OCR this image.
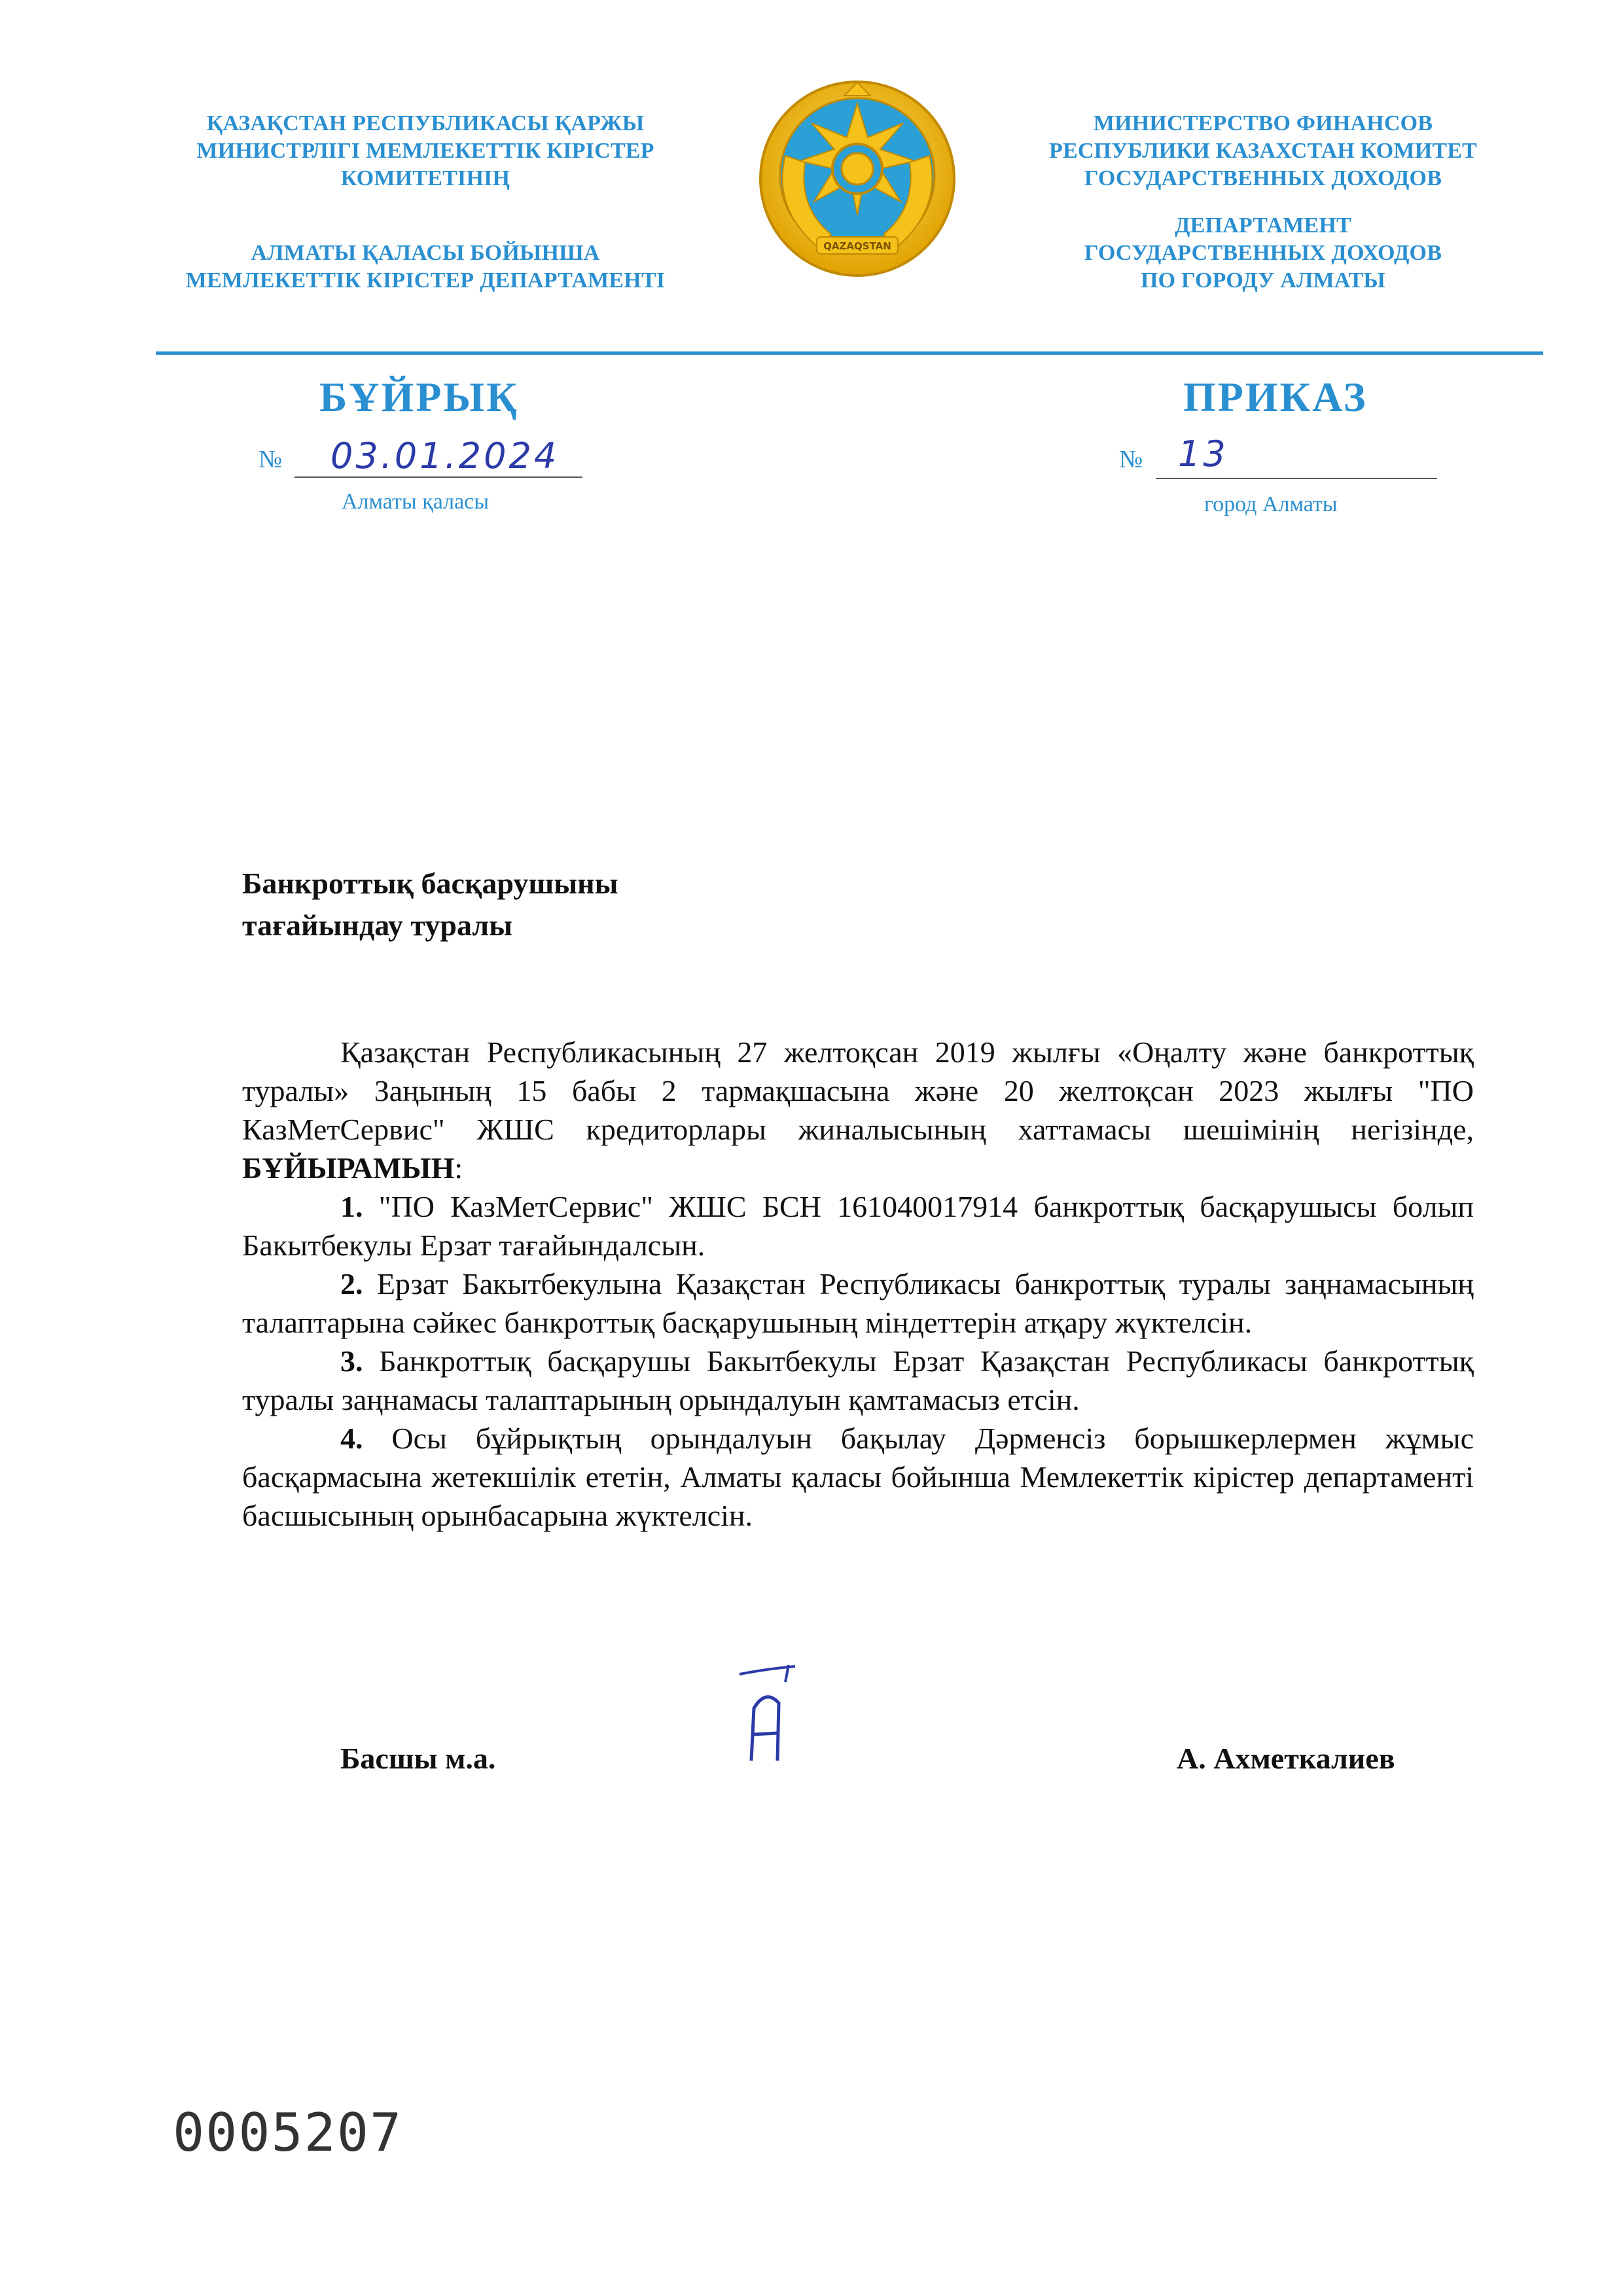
ҚАЗАҚСТАН РЕСПУБЛИКАСЫ ҚАРЖЫ
МИНИСТРЛІГІ МЕМЛЕКЕТТІК КІРІСТЕР
КОМИТЕТІНІҢ
АЛМАТЫ ҚАЛАСЫ БОЙЫНША
МЕМЛЕКЕТТІК КІРІСТЕР ДЕПАРТАМЕНТІ
QAZAQSTAN
МИНИСТЕРСТВО ФИНАНСОВ
РЕСПУБЛИКИ КАЗАХСТАН КОМИТЕТ
ГОСУДАРСТВЕННЫХ ДОХОДОВ
ДЕПАРТАМЕНТ
ГОСУДАРСТВЕННЫХ ДОХОДОВ
ПО ГОРОДУ АЛМАТЫ
БҰЙРЫҚ	ПРИКАЗ
№ 03.01.2024	№ 13
Алматы қаласы	город Алматы
Банкроттық басқарушыны
тағайындау туралы

Қазақстан Республикасының 27 желтоқсан 2019 жылғы «Оңалту және банкроттық туралы» Заңының 15 бабы 2 тармақшасына және 20 желтоқсан 2023 жылғы "ПО КазМетСервис" ЖШС кредиторлары жиналысының хаттамасы шешімінің негізінде, БҰЙЫРАМЫН:

1. "ПО КазМетСервис" ЖШС БСН 161040017914 банкроттық басқарушысы болып Бакытбекулы Ерзат тағайындалсын.

2. Ерзат Бакытбекулына Қазақстан Республикасы банкроттық туралы заңнамасының талаптарына сәйкес банкроттық басқарушының міндеттерін атқару жүктелсін.

3. Банкроттық басқарушы Бакытбекулы Ерзат Қазақстан Республикасы банкроттық туралы заңнамасы талаптарының орындалуын қамтамасыз етсін.

4. Осы бұйрықтың орындалуын бақылау Дәрменсіз борышкерлермен жұмыс басқармасына жетекшілік ететін, Алматы қаласы бойынша Мемлекеттік кірістер департаменті басшысының орынбасарына жүктелсін.

Басшы м.а.	А. Ахметкалиев
0005207
